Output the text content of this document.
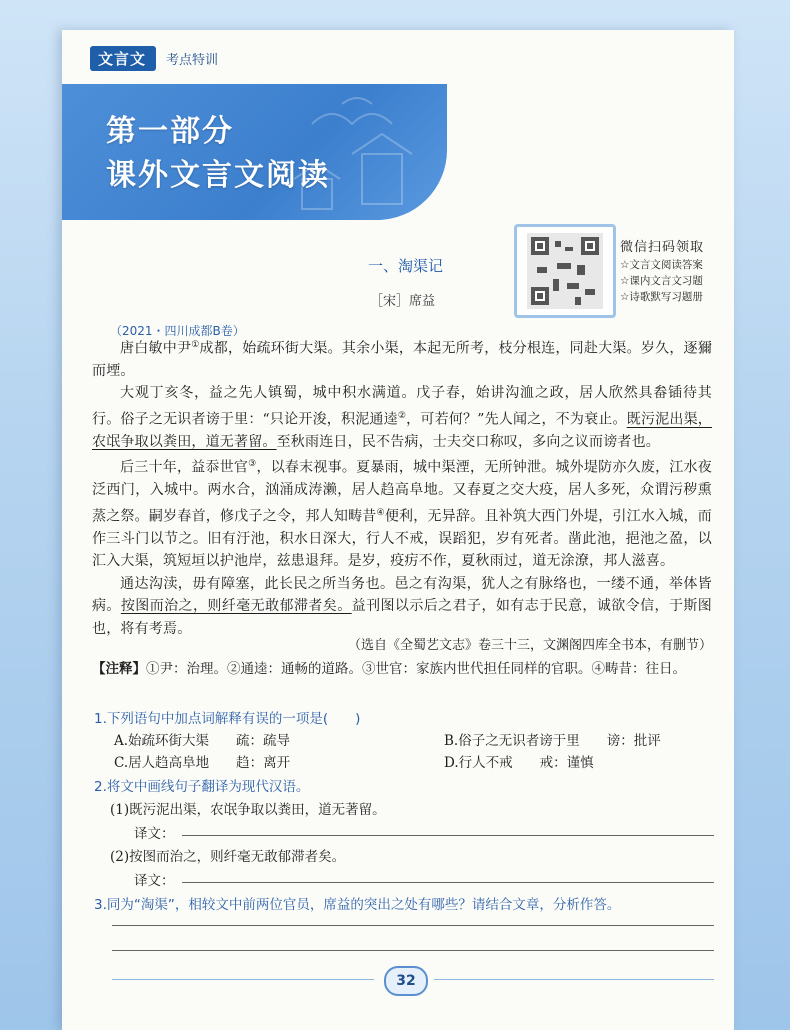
文言文	考点特训
第一部分
课外文言文阅读
微信扫码领取
☆文言文阅读答案
☆课内文言文习题
☆诗歌默写习题册
一、淘渠记
［宋］席益
（2021・四川成都B卷）

唐白敏中尹①成都，始疏环街大渠。其余小渠，本起无所考，枝分根连，同赴大渠。岁久，逐獮而堙。

大观丁亥冬，益之先人镇蜀，城中积水满道。戊子春，始讲沟洫之政，居人欣然具畚锸待其行。俗子之无识者谤于里：“只论开浚，积泥通逵②，可若何？”先人闻之，不为衰止。既污泥出渠，农氓争取以粪田，道无著留。至秋雨连日，民不告病，士夫交口称叹，多向之议而谤者也。

后三十年，益忝世官③，以春末视事。夏暴雨，城中渠湮，无所钟泄。城外堤防亦久废，江水夜泛西门，入城中。两水合，汹涌成涛濑，居人趋高阜地。又春夏之交大疫，居人多死，众谓污秽熏蒸之祭。嗣岁春首，修戊子之令，邦人知畴昔④便利，无异辞。且补筑大西门外堤，引江水入城，而作三斗门以节之。旧有汙池，积水日深大，行人不戒，误蹈犯，岁有死者。凿此池，挹池之盈，以汇入大渠，筑短垣以护池岸，兹患退拜。是岁，疫疠不作，夏秋雨过，道无涂潦，邦人滋喜。

通达沟渎，毋有障塞，此长民之所当务也。邑之有沟渠，犹人之有脉络也，一缕不通，举体皆病。按图而治之，则纤毫无敢郁滞者矣。益刊图以示后之君子，如有志于民意，诚欲令信，于斯图也，将有考焉。

（选自《全蜀艺文志》卷三十三，文渊阁四库全书本，有删节）
【注释】①尹：治理。②通逵：通畅的道路。③世官：家族内世代担任同样的官职。④畴昔：往日。
1.下列语句中加点词解释有误的一项是(　　)
A.始疏环街大渠　　疏：疏导	B.俗子之无识者谤于里　　谤：批评
C.居人趋高阜地　　趋：离开	D.行人不戒　　戒：谨慎
2.将文中画线句子翻译为现代汉语。
(1)既污泥出渠，农氓争取以粪田，道无著留。
译文：
(2)按图而治之，则纤毫无敢郁滞者矣。
译文：
3.同为“淘渠”，相较文中前两位官员，席益的突出之处有哪些？请结合文章，分析作答。
32
